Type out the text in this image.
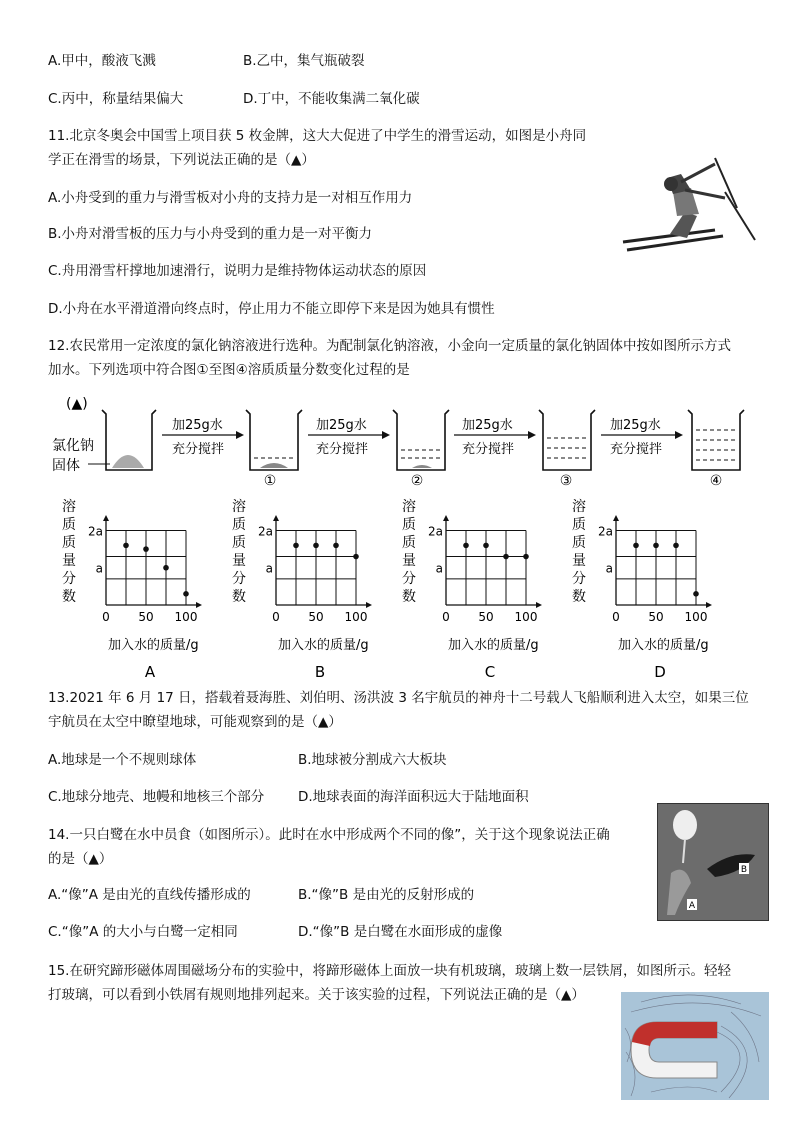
A.甲中，酸液飞溅	B.乙中，集气瓶破裂
C.丙中，称量结果偏大	D.丁中，不能收集满二氧化碳
11.北京冬奥会中国雪上项目获 5 枚金牌，这大大促进了中学生的滑雪运动，如图是小舟同
学正在滑雪的场景，下列说法正确的是（▲）
A.小舟受到的重力与滑雪板对小舟的支持力是一对相互作用力
B.小舟对滑雪板的压力与小舟受到的重力是一对平衡力
C.舟用滑雪杆撑地加速滑行，说明力是维持物体运动状态的原因
D.小舟在水平滑道滑向终点时，停止用力不能立即停下来是因为她具有惯性
12.农民常用一定浓度的氯化钠溶液进行选种。为配制氯化钠溶液，小金向一定质量的氯化钠固体中按如图所示方式
加水。下列选项中符合图①至图④溶质质量分数变化过程的是
(▲)
氯化钠
固体
加25g水
充分搅拌
加25g水
充分搅拌
加25g水
充分搅拌
加25g水
充分搅拌
①	②	③	④
溶
质
质
量
分
数
2a
a
0 50 100
加入水的质量/g
A
溶
质
质
量
分
数
2a
a
0 50 100
加入水的质量/g
B
溶
质
质
量
分
数
2a
a
0 50 100
加入水的质量/g
C
溶
质
质
量
分
数
2a
a
0 50 100
加入水的质量/g
D
13.2021 年 6 月 17 日，搭载着聂海胜、刘伯明、汤洪波 3 名宇航员的神舟十二号载人飞船顺利进入太空，如果三位
宇航员在太空中瞭望地球，可能观察到的是（▲）
A.地球是一个不规则球体	B.地球被分割成六大板块
C.地球分地壳、地幔和地核三个部分	D.地球表面的海洋面积远大于陆地面积
14.一只白鹭在水中员食（如图所示）。此时在水中形成两个不同的像”，关于这个现象说法正确
的是（▲）
A.“像”A 是由光的直线传播形成的	B.“像”B 是由光的反射形成的
C.“像”A 的大小与白鹭一定相同	D.“像”B 是白鹭在水面形成的虚像
B
A
15.在研究蹄形磁体周围磁场分布的实验中，将蹄形磁体上面放一块有机玻璃，玻璃上数一层铁屑，如图所示。轻轻
打玻璃，可以看到小铁屑有规则地排列起来。关于该实验的过程，下列说法正确的是（▲）
